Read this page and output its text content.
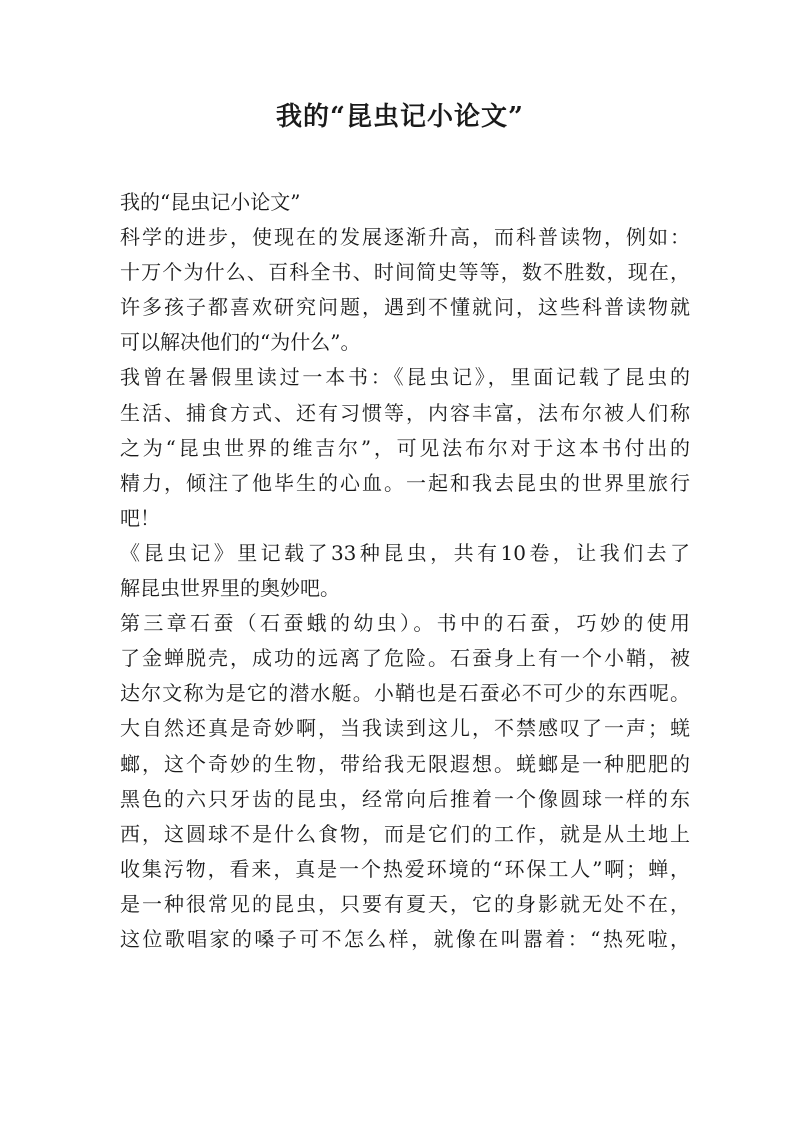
我的“昆虫记小论文”
我的“昆虫记小论文”
科学的进步，使现在的发展逐渐升高，而科普读物，例如：
十万个为什么、百科全书、时间简史等等，数不胜数，现在，
许多孩子都喜欢研究问题，遇到不懂就问，这些科普读物就
可以解决他们的“为什么”。
我曾在暑假里读过一本书：《昆虫记》，里面记载了昆虫的
生活、捕食方式、还有习惯等，内容丰富，法布尔被人们称
之为“昆虫世界的维吉尔”，可见法布尔对于这本书付出的
精力，倾注了他毕生的心血。一起和我去昆虫的世界里旅行
吧！
《昆虫记》里记载了33种昆虫，共有10卷，让我们去了
解昆虫世界里的奥妙吧。
第三章石蚕（石蚕蛾的幼虫）。书中的石蚕，巧妙的使用
了金蝉脱壳，成功的远离了危险。石蚕身上有一个小鞘，被
达尔文称为是它的潜水艇。小鞘也是石蚕必不可少的东西呢。
大自然还真是奇妙啊，当我读到这儿，不禁感叹了一声；蜣
螂，这个奇妙的生物，带给我无限遐想。蜣螂是一种肥肥的
黑色的六只牙齿的昆虫，经常向后推着一个像圆球一样的东
西，这圆球不是什么食物，而是它们的工作，就是从土地上
收集污物，看来，真是一个热爱环境的“环保工人”啊；蝉，
是一种很常见的昆虫，只要有夏天，它的身影就无处不在，
这位歌唱家的嗓子可不怎么样，就像在叫嚣着：“热死啦，
